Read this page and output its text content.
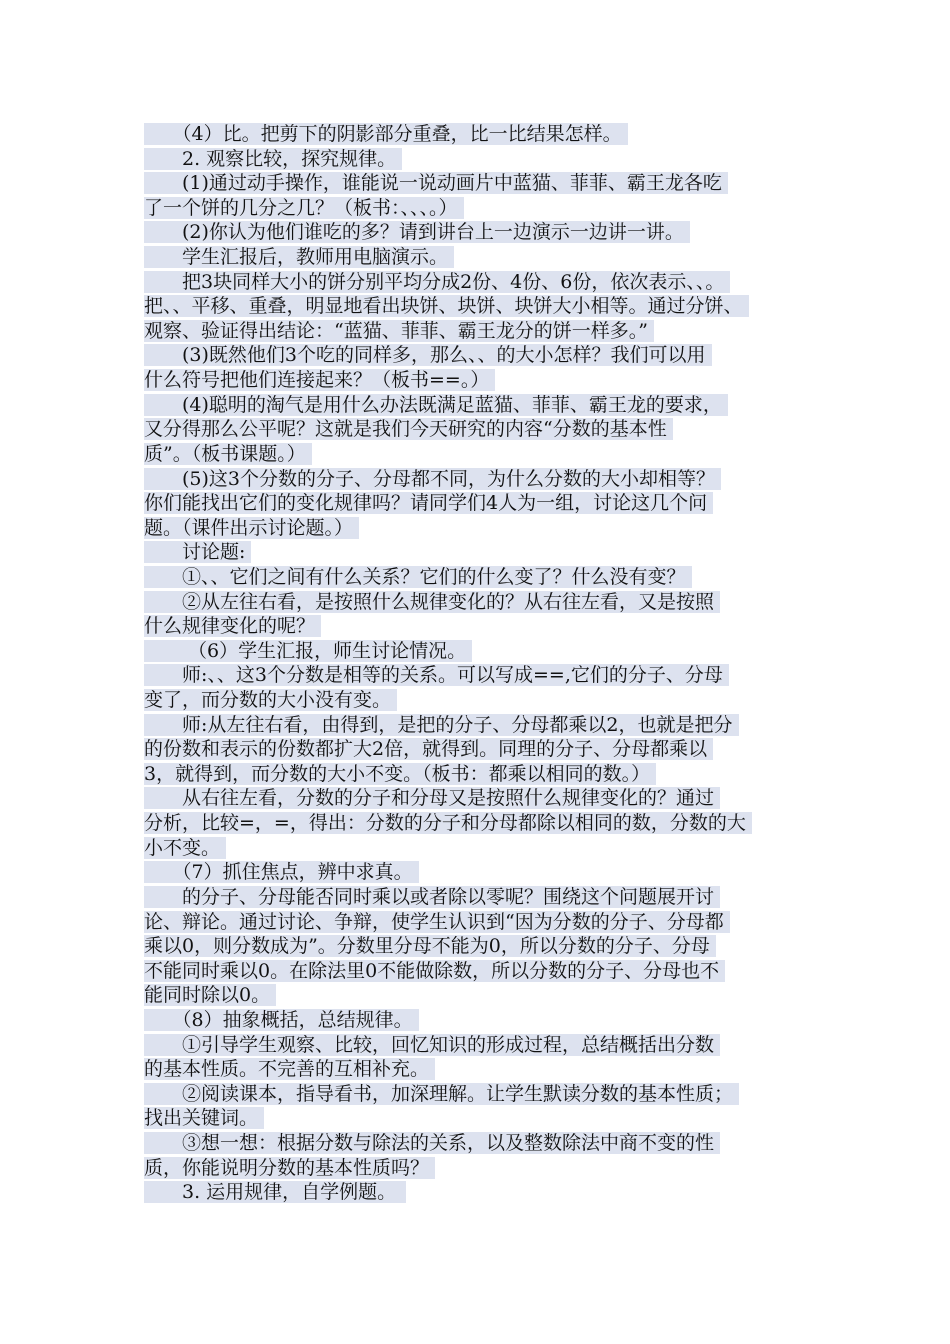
　　（4）比。把剪下的阴影部分重叠，比一比结果怎样。
　　2. 观察比较，探究规律。
　　(1)通过动手操作，谁能说一说动画片中蓝猫、菲菲、霸王龙各吃
了一个饼的几分之几？（板书：、、、。）
　　(2)你认为他们谁吃的多？请到讲台上一边演示一边讲一讲。
　　学生汇报后，教师用电脑演示。
　　把3块同样大小的饼分别平均分成2份、4份、6份，依次表示、、。
把、、平移、重叠，明显地看出块饼、块饼、块饼大小相等。通过分饼、
观察、验证得出结论：“蓝猫、菲菲、霸王龙分的饼一样多。”
　　(3)既然他们3个吃的同样多，那么、、的大小怎样？我们可以用
什么符号把他们连接起来？（板书==。）
　　(4)聪明的淘气是用什么办法既满足蓝猫、菲菲、霸王龙的要求，
又分得那么公平呢？这就是我们今天研究的内容“分数的基本性
质”。（板书课题。）
　　(5)这3个分数的分子、分母都不同，为什么分数的大小却相等？
你们能找出它们的变化规律吗？请同学们4人为一组，讨论这几个问
题。（课件出示讨论题。）
　　讨论题:
　　①、、它们之间有什么关系？它们的什么变了？什么没有变？
　　②从左往右看，是按照什么规律变化的？从右往左看，又是按照
什么规律变化的呢？
　　 （6）学生汇报，师生讨论情况。
　　师:、、这3个分数是相等的关系。可以写成==,它们的分子、分母
变了，而分数的大小没有变。
　　师:从左往右看，由得到，是把的分子、分母都乘以2，也就是把分
的份数和表示的份数都扩大2倍，就得到。同理的分子、分母都乘以
3，就得到，而分数的大小不变。（板书：都乘以相同的数。）
　　从右往左看，分数的分子和分母又是按照什么规律变化的？通过
分析，比较=，=，得出：分数的分子和分母都除以相同的数，分数的大
小不变。
　　（7）抓住焦点，辨中求真。
　　的分子、分母能否同时乘以或者除以零呢？围绕这个问题展开讨
论、辩论。通过讨论、争辩，使学生认识到“因为分数的分子、分母都
乘以0，则分数成为”。分数里分母不能为0，所以分数的分子、分母
不能同时乘以0。在除法里0不能做除数，所以分数的分子、分母也不
能同时除以0。
　　（8）抽象概括，总结规律。
　　①引导学生观察、比较，回忆知识的形成过程，总结概括出分数
的基本性质。不完善的互相补充。
　　②阅读课本，指导看书，加深理解。让学生默读分数的基本性质；
找出关键词。
　　③想一想：根据分数与除法的关系，以及整数除法中商不变的性
质，你能说明分数的基本性质吗？
　　3. 运用规律，自学例题。
